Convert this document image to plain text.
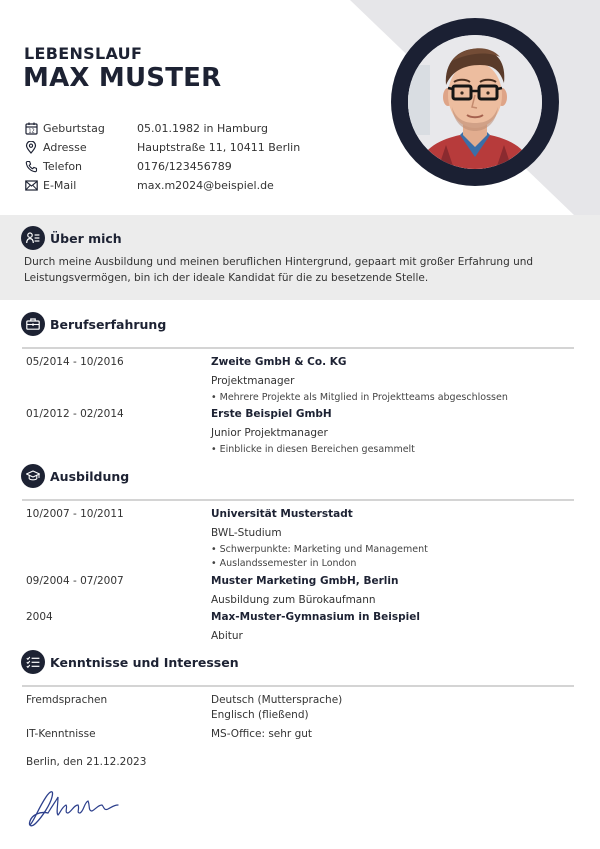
LEBENSLAUF
MAX MUSTER
12 Geburtstag	05.01.1982 in Hamburg
Adresse	Hauptstraße 11, 10411 Berlin
Telefon	0176/123456789
E-Mail	max.m2024@beispiel.de
Über mich
Durch meine Ausbildung und meinen beruflichen Hintergrund, gepaart mit großer Erfahrung und Leistungsvermögen, bin ich der ideale Kandidat für die zu besetzende Stelle.
Berufserfahrung
05/2014 - 10/2016	Zweite GmbH & Co. KG
Projektmanager
• Mehrere Projekte als Mitglied in Projektteams abgeschlossen
01/2012 - 02/2014	Erste Beispiel GmbH
Junior Projektmanager
• Einblicke in diesen Bereichen gesammelt
Ausbildung
10/2007 - 10/2011	Universität Musterstadt
BWL-Studium
• Schwerpunkte: Marketing und Management
• Auslandssemester in London
09/2004 - 07/2007	Muster Marketing GmbH, Berlin
Ausbildung zum Bürokaufmann
2004	Max-Muster-Gymnasium in Beispiel
Abitur
Kenntnisse und Interessen
Fremdsprachen	Deutsch (Muttersprache)
Englisch (fließend)
IT-Kenntnisse	MS-Office: sehr gut
Berlin, den 21.12.2023
